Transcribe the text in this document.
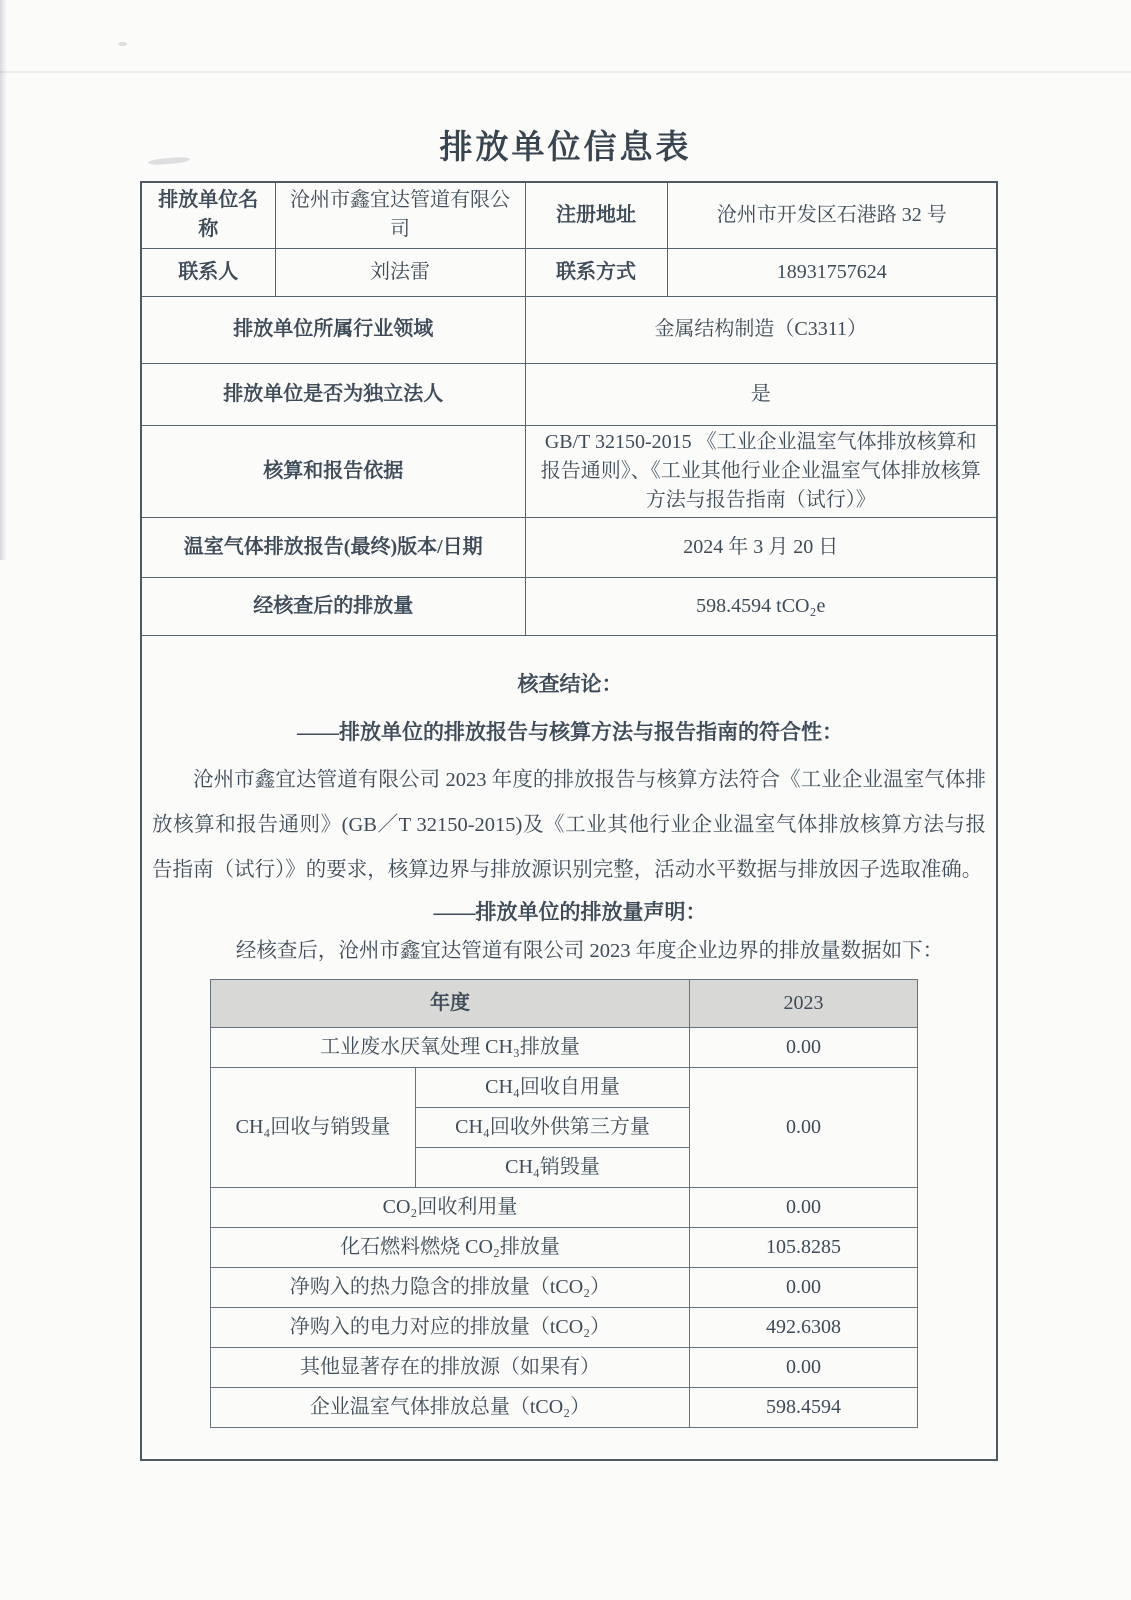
排放单位信息表
排放单位名称	沧州市鑫宜达管道有限公司	注册地址	沧州市开发区石港路 32 号
联系人	刘法雷	联系方式	18931757624
排放单位所属行业领域	金属结构制造（C3311）
排放单位是否为独立法人	是
核算和报告依据	GB/T 32150-2015 《工业企业温室气体排放核算和报告通则》、《工业其他行业企业温室气体排放核算方法与报告指南（试行）》
温室气体排放报告(最终)版本/日期	2024 年 3 月 20 日
经核查后的排放量	598.4594 tCO₂e

核查结论：

——排放单位的排放报告与核算方法与报告指南的符合性：

沧州市鑫宜达管道有限公司 2023 年度的排放报告与核算方法符合《工业企业温室气体排放核算和报告通则》(GB／T 32150-2015)及《工业其他行业企业温室气体排放核算方法与报告指南（试行）》的要求，核算边界与排放源识别完整，活动水平数据与排放因子选取准确。

——排放单位的排放量声明：

经核查后，沧州市鑫宜达管道有限公司 2023 年度企业边界的排放量数据如下：

年度	2023
工业废水厌氧处理 CH₃排放量	0.00
CH₄回收与销毁量	CH₄回收自用量	0.00
CH₄回收外供第三方量
CH₄销毁量
CO₂回收利用量	0.00
化石燃料燃烧 CO₂排放量	105.8285
净购入的热力隐含的排放量（tCO₂）	0.00
净购入的电力对应的排放量（tCO₂）	492.6308
其他显著存在的排放源（如果有）	0.00
企业温室气体排放总量（tCO₂）	598.4594
